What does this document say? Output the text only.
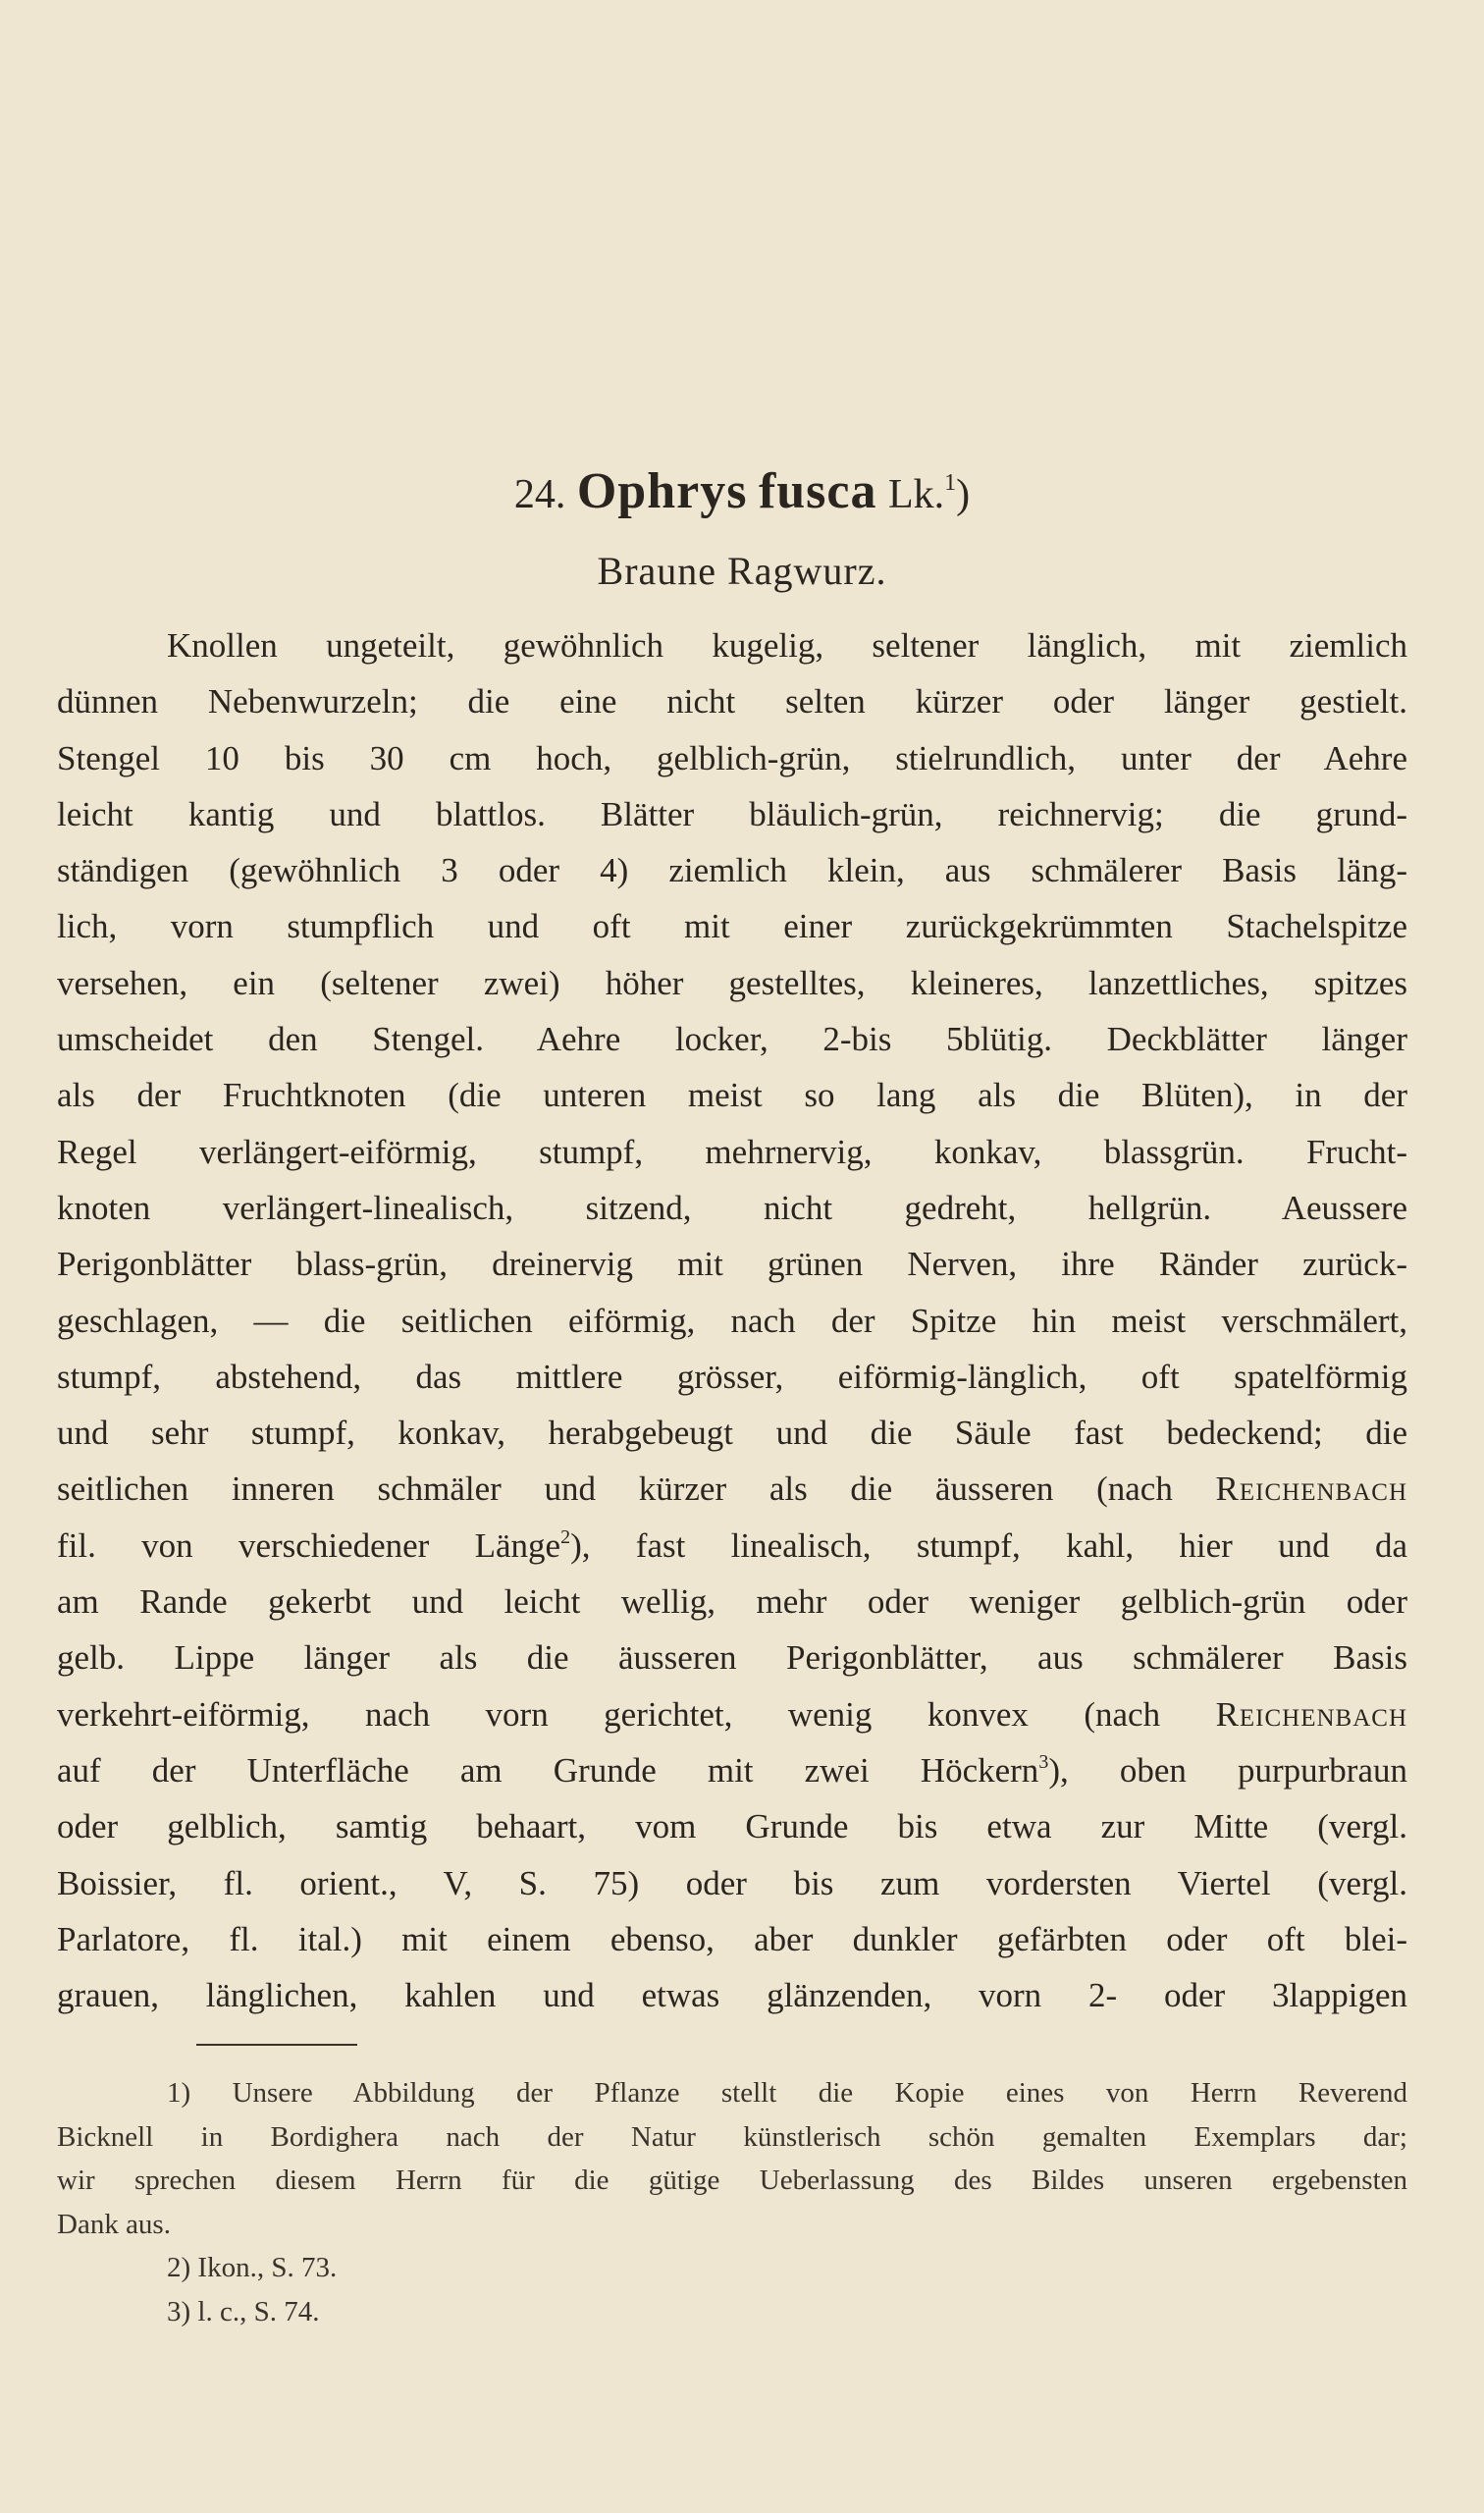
24. Ophrys fusca Lk.$^1$)
Braune Ragwurz.
Knollen ungeteilt, gewöhnlich kugelig, seltener länglich, mit ziemlich
dünnen Nebenwurzeln; die eine nicht selten kürzer oder länger gestielt.
Stengel 10 bis 30 cm hoch, gelblich-grün, stielrundlich, unter der Aehre
leicht kantig und blattlos. Blätter bläulich-grün, reichnervig; die grund-
ständigen (gewöhnlich 3 oder 4) ziemlich klein, aus schmälerer Basis läng-
lich, vorn stumpflich und oft mit einer zurückgekrümmten Stachelspitze
versehen, ein (seltener zwei) höher gestelltes, kleineres, lanzettliches, spitzes
umscheidet den Stengel. Aehre locker, 2-bis 5blütig. Deckblätter länger
als der Fruchtknoten (die unteren meist so lang als die Blüten), in der
Regel verlängert-eiförmig, stumpf, mehrnervig, konkav, blassgrün. Frucht-
knoten verlängert-linealisch, sitzend, nicht gedreht, hellgrün. Aeussere
Perigonblätter blass-grün, dreinervig mit grünen Nerven, ihre Ränder zurück-
geschlagen, — die seitlichen eiförmig, nach der Spitze hin meist verschmälert,
stumpf, abstehend, das mittlere grösser, eiförmig-länglich, oft spatelförmig
und sehr stumpf, konkav, herabgebeugt und die Säule fast bedeckend; die
seitlichen inneren schmäler und kürzer als die äusseren (nach Reichenbach
fil. von verschiedener Länge$^2$), fast linealisch, stumpf, kahl, hier und da
am Rande gekerbt und leicht wellig, mehr oder weniger gelblich-grün oder
gelb. Lippe länger als die äusseren Perigonblätter, aus schmälerer Basis
verkehrt-eiförmig, nach vorn gerichtet, wenig konvex (nach Reichenbach
auf der Unterfläche am Grunde mit zwei Höckern$^3$), oben purpurbraun
oder gelblich, samtig behaart, vom Grunde bis etwa zur Mitte (vergl.
Boissier, fl. orient., V, S. 75) oder bis zum vordersten Viertel (vergl.
Parlatore, fl. ital.) mit einem ebenso, aber dunkler gefärbten oder oft blei-
grauen, länglichen, kahlen und etwas glänzenden, vorn 2- oder 3lappigen
1) Unsere Abbildung der Pflanze stellt die Kopie eines von Herrn Reverend
Bicknell in Bordighera nach der Natur künstlerisch schön gemalten Exemplars dar;
wir sprechen diesem Herrn für die gütige Ueberlassung des Bildes unseren ergebensten
Dank aus.
2) Ikon., S. 73.
3) l. c., S. 74.
